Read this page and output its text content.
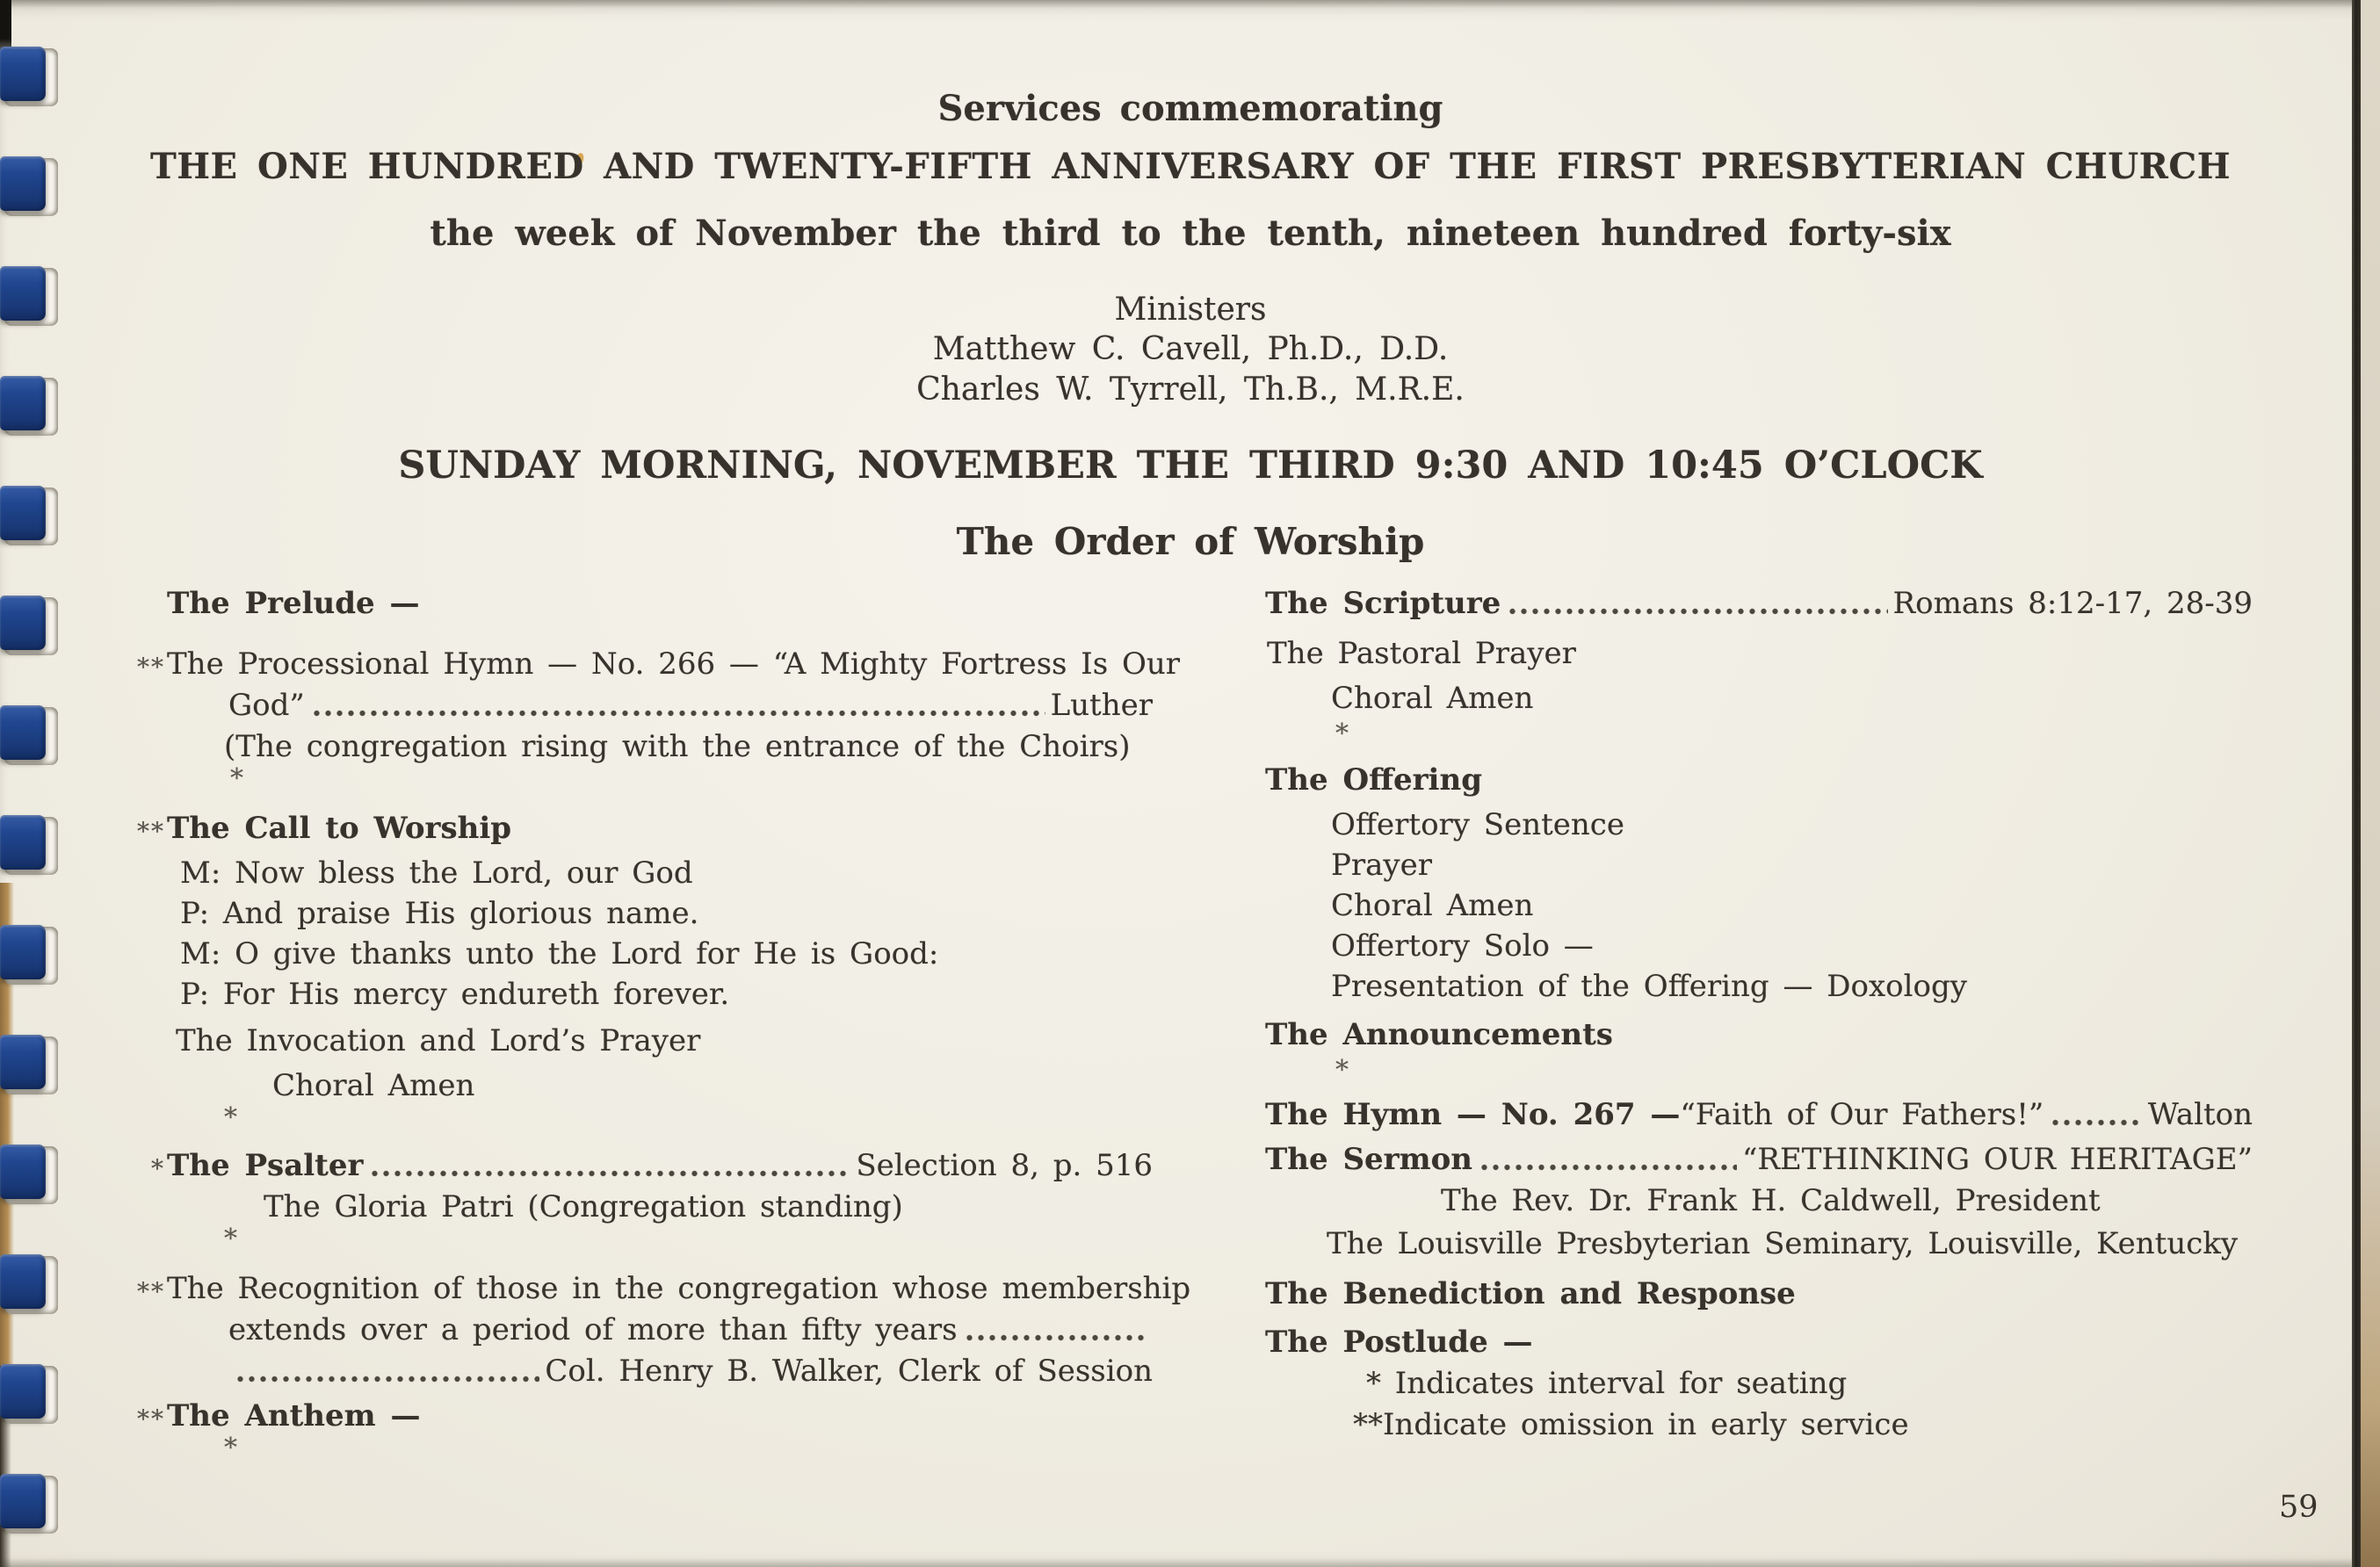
Services commemorating
THE ONE HUNDRED AND TWENTY-FIFTH ANNIVERSARY OF THE FIRST PRESBYTERIAN CHURCH
the week of November the third to the tenth, nineteen hundred forty-six
Ministers
Matthew C. Cavell, Ph.D., D.D.
Charles W. Tyrrell, Th.B., M.R.E.
SUNDAY MORNING, NOVEMBER THE THIRD 9:30 AND 10:45 O’CLOCK
The Order of Worship
The Prelude —
** The Processional Hymn — No. 266 — “A Mighty Fortress Is Our
God”	Luther
(The congregation rising with the entrance of the Choirs)
*
** The Call to Worship
M: Now bless the Lord, our God
P: And praise His glorious name.
M: O give thanks unto the Lord for He is Good:
P: For His mercy endureth forever.
The Invocation and Lord’s Prayer
Choral Amen
*
* The Psalter	Selection 8, p. 516
The Gloria Patri (Congregation standing)
*
** The Recognition of those in the congregation whose membership
extends over a period of more than fifty years
Col. Henry B. Walker, Clerk of Session
** The Anthem —
*
The Scripture	Romans 8:12-17, 28-39
The Pastoral Prayer
Choral Amen
*
The Offering
Offertory Sentence
Prayer
Choral Amen
Offertory Solo —
Presentation of the Offering — Doxology
The Announcements
*
The Hymn — No. 267 — “Faith of Our Fathers!”	Walton
The Sermon	“RETHINKING OUR HERITAGE”
The Rev. Dr. Frank H. Caldwell, President
The Louisville Presbyterian Seminary, Louisville, Kentucky
The Benediction and Response
The Postlude —
* Indicates interval for seating
**Indicate omission in early service
59
